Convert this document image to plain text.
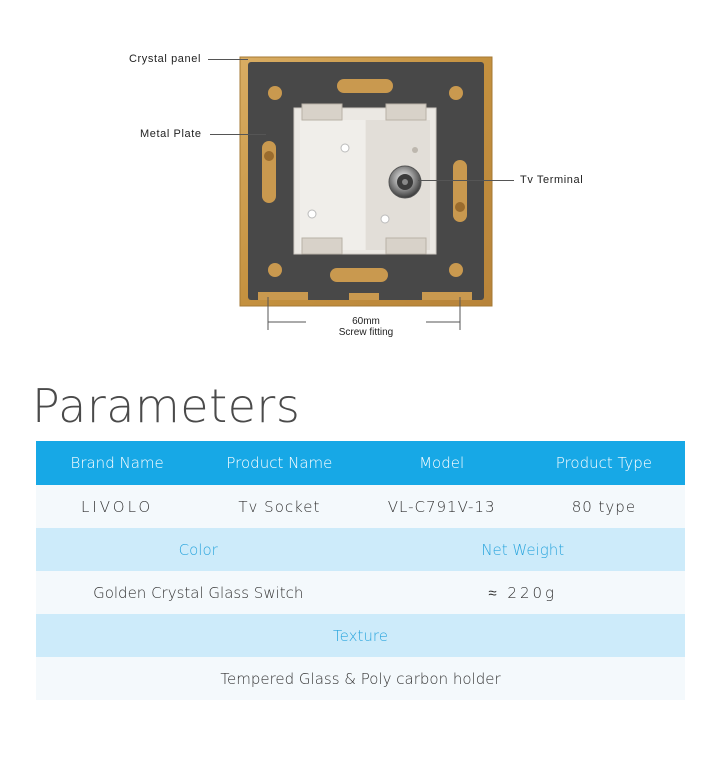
Crystal panel
Metal Plate
Tv Terminal
60mm
Screw fitting
Parameters
Brand Name	Product Name	Model	Product Type
LIVOLO	Tv Socket	VL-C791V-13	80 type
Color	Net Weight
Golden Crystal Glass Switch	≈ 220g
Texture
Tempered Glass & Poly carbon holder
